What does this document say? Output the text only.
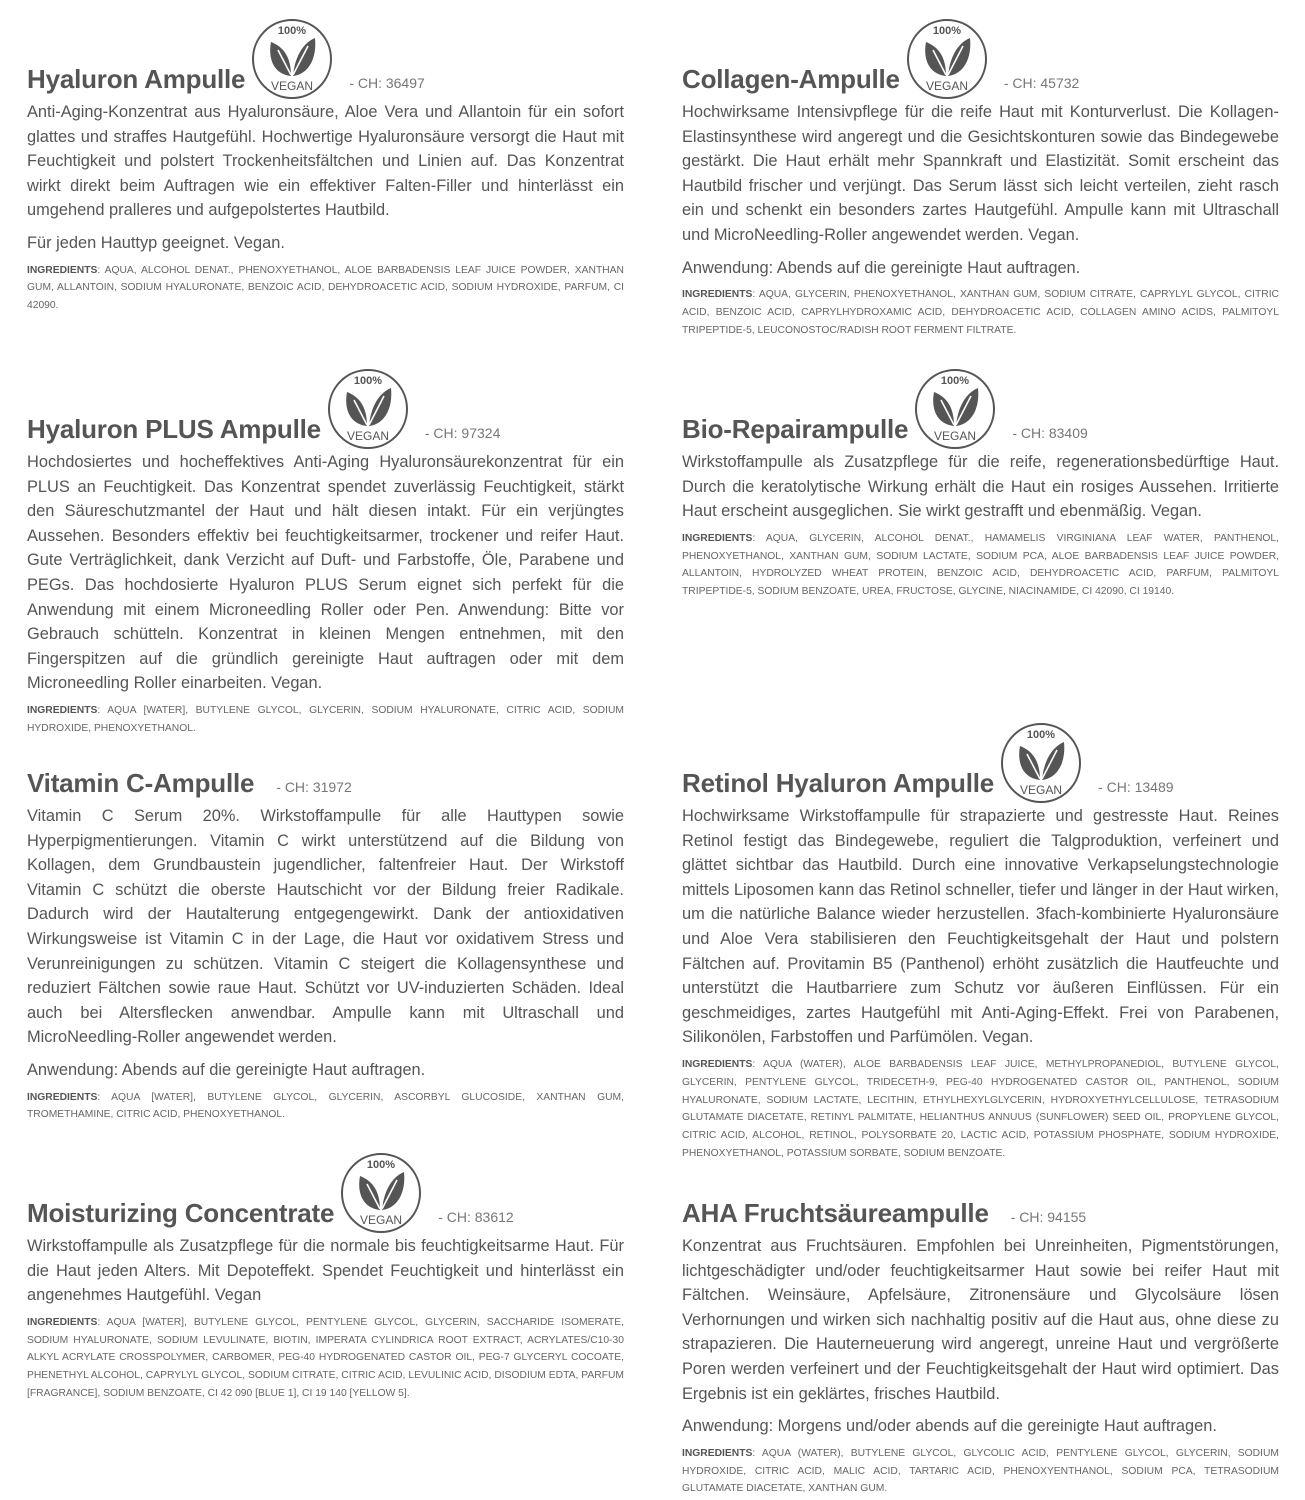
Hyaluron Ampulle
100%
VEGAN	- CH: 36497

Anti-Aging-Konzentrat aus Hyaluronsäure, Aloe Vera und Allantoin für ein sofort glattes und straffes Hautgefühl. Hochwertige Hyaluronsäure versorgt die Haut mit Feuchtigkeit und polstert Trockenheitsfältchen und Linien auf. Das Konzentrat wirkt direkt beim Auftragen wie ein effektiver Falten-Filler und hinterlässt ein umgehend pralleres und aufgepolstertes Hautbild.

Für jeden Hauttyp geeignet. Vegan.

INGREDIENTS: AQUA, ALCOHOL DENAT., PHENOXYETHANOL, ALOE BARBADENSIS LEAF JUICE POWDER, XANTHAN GUM, ALLANTOIN, SODIUM HYALURONATE, BENZOIC ACID, DEHYDROACETIC ACID, SODIUM HYDROXIDE, PARFUM, CI 42090.
Hyaluron PLUS Ampulle
100%
VEGAN	- CH: 97324

Hochdosiertes und hocheffektives Anti-Aging Hyaluronsäurekonzentrat für ein PLUS an Feuchtigkeit. Das Konzentrat spendet zuverlässig Feuchtigkeit, stärkt den Säureschutzmantel der Haut und hält diesen intakt. Für ein verjüngtes Aussehen. Besonders effektiv bei feuchtigkeitsarmer, trockener und reifer Haut. Gute Verträglichkeit, dank Verzicht auf Duft- und Farbstoffe, Öle, Parabene und PEGs. Das hochdosierte Hyaluron PLUS Serum eignet sich perfekt für die Anwendung mit einem Microneedling Roller oder Pen. Anwendung: Bitte vor Gebrauch schütteln. Konzentrat in kleinen Mengen entnehmen, mit den Fingerspitzen auf die gründlich gereinigte Haut auftragen oder mit dem Microneedling Roller einarbeiten. Vegan.

INGREDIENTS: AQUA [WATER], BUTYLENE GLYCOL, GLYCERIN, SODIUM HYALURONATE, CITRIC ACID, SODIUM HYDROXIDE, PHENOXYETHANOL.
Vitamin C-Ampulle - CH: 31972

Vitamin C Serum 20%. Wirkstoffampulle für alle Hauttypen sowie Hyperpigmentierungen. Vitamin C wirkt unterstützend auf die Bildung von Kollagen, dem Grundbaustein jugendlicher, faltenfreier Haut. Der Wirkstoff Vitamin C schützt die oberste Hautschicht vor der Bildung freier Radikale. Dadurch wird der Hautalterung entgegengewirkt. Dank der antioxidativen Wirkungsweise ist Vitamin C in der Lage, die Haut vor oxidativem Stress und Verunreinigungen zu schützen. Vitamin C steigert die Kollagensynthese und reduziert Fältchen sowie raue Haut. Schützt vor UV-induzierten Schäden. Ideal auch bei Altersflecken anwendbar. Ampulle kann mit Ultraschall und MicroNeedling-Roller angewendet werden.

Anwendung: Abends auf die gereinigte Haut auftragen.

INGREDIENTS: AQUA [WATER], BUTYLENE GLYCOL, GLYCERIN, ASCORBYL GLUCOSIDE, XANTHAN GUM, TROMETHAMINE, CITRIC ACID, PHENOXYETHANOL.
Moisturizing Concentrate
100%
VEGAN	- CH: 83612

Wirkstoffampulle als Zusatzpflege für die normale bis feuchtigkeitsarme Haut. Für die Haut jeden Alters. Mit Depoteffekt. Spendet Feuchtigkeit und hinterlässt ein angenehmes Hautgefühl. Vegan

INGREDIENTS: AQUA [WATER], BUTYLENE GLYCOL, PENTYLENE GLYCOL, GLYCERIN, SACCHARIDE ISOMERATE, SODIUM HYALURONATE, SODIUM LEVULINATE, BIOTIN, IMPERATA CYLINDRICA ROOT EXTRACT, ACRYLATES/C10-30 ALKYL ACRYLATE CROSSPOLYMER, CARBOMER, PEG-40 HYDROGENATED CASTOR OIL, PEG-7 GLYCERYL COCOATE, PHENETHYL ALCOHOL, CAPRYLYL GLYCOL, SODIUM CITRATE, CITRIC ACID, LEVULINIC ACID, DISODIUM EDTA, PARFUM [FRAGRANCE], SODIUM BENZOATE, CI 42 090 [BLUE 1], CI 19 140 [YELLOW 5].
Collagen-Ampulle
100%
VEGAN	- CH: 45732

Hochwirksame Intensivpflege für die reife Haut mit Konturverlust. Die Kollagen-Elastinsynthese wird angeregt und die Gesichtskonturen sowie das Bindegewebe gestärkt. Die Haut erhält mehr Spannkraft und Elastizität. Somit erscheint das Hautbild frischer und verjüngt. Das Serum lässt sich leicht verteilen, zieht rasch ein und schenkt ein besonders zartes Hautgefühl. Ampulle kann mit Ultraschall und MicroNeedling-Roller angewendet werden. Vegan.

Anwendung: Abends auf die gereinigte Haut auftragen.

INGREDIENTS: AQUA, GLYCERIN, PHENOXYETHANOL, XANTHAN GUM, SODIUM CITRATE, CAPRYLYL GLYCOL, CITRIC ACID, BENZOIC ACID, CAPRYLHYDROXAMIC ACID, DEHYDROACETIC ACID, COLLAGEN AMINO ACIDS, PALMITOYL TRIPEPTIDE-5, LEUCONOSTOC/RADISH ROOT FERMENT FILTRATE.
Bio-Repairampulle
100%
VEGAN	- CH: 83409

Wirkstoffampulle als Zusatzpflege für die reife, regenerationsbedürftige Haut. Durch die keratolytische Wirkung erhält die Haut ein rosiges Aussehen. Irritierte Haut erscheint ausgeglichen. Sie wirkt gestrafft und ebenmäßig. Vegan.

INGREDIENTS: AQUA, GLYCERIN, ALCOHOL DENAT., HAMAMELIS VIRGINIANA LEAF WATER, PANTHENOL, PHENOXYETHANOL, XANTHAN GUM, SODIUM LACTATE, SODIUM PCA, ALOE BARBADENSIS LEAF JUICE POWDER, ALLANTOIN, HYDROLYZED WHEAT PROTEIN, BENZOIC ACID, DEHYDROACETIC ACID, PARFUM, PALMITOYL TRIPEPTIDE-5, SODIUM BENZOATE, UREA, FRUCTOSE, GLYCINE, NIACINAMIDE, CI 42090, CI 19140.
Retinol Hyaluron Ampulle
100%
VEGAN	- CH: 13489

Hochwirksame Wirkstoffampulle für strapazierte und gestresste Haut. Reines Retinol festigt das Bindegewebe, reguliert die Talgproduktion, verfeinert und glättet sichtbar das Hautbild. Durch eine innovative Verkapselungstechnologie mittels Liposomen kann das Retinol schneller, tiefer und länger in der Haut wirken, um die natürliche Balance wieder herzustellen. 3fach-kombinierte Hyaluronsäure und Aloe Vera stabilisieren den Feuchtigkeitsgehalt der Haut und polstern Fältchen auf. Provitamin B5 (Panthenol) erhöht zusätzlich die Hautfeuchte und unterstützt die Hautbarriere zum Schutz vor äußeren Einflüssen. Für ein geschmeidiges, zartes Hautgefühl mit Anti-Aging-Effekt. Frei von Parabenen, Silikonölen, Farbstoffen und Parfümölen. Vegan.

INGREDIENTS: AQUA (WATER), ALOE BARBADENSIS LEAF JUICE, METHYLPROPANEDIOL, BUTYLENE GLYCOL, GLYCERIN, PENTYLENE GLYCOL, TRIDECETH-9, PEG-40 HYDROGENATED CASTOR OIL, PANTHENOL, SODIUM HYALURONATE, SODIUM LACTATE, LECITHIN, ETHYLHEXYLGLYCERIN, HYDROXYETHYLCELLULOSE, TETRASODIUM GLUTAMATE DIACETATE, RETINYL PALMITATE, HELIANTHUS ANNUUS (SUNFLOWER) SEED OIL, PROPYLENE GLYCOL, CITRIC ACID, ALCOHOL, RETINOL, POLYSORBATE 20, LACTIC ACID, POTASSIUM PHOSPHATE, SODIUM HYDROXIDE, PHENOXYETHANOL, POTASSIUM SORBATE, SODIUM BENZOATE.
AHA Fruchtsäureampulle - CH: 94155

Konzentrat aus Fruchtsäuren. Empfohlen bei Unreinheiten, Pigmentstörungen, lichtgeschädigter und/oder feuchtigkeitsarmer Haut sowie bei reifer Haut mit Fältchen. Weinsäure, Apfelsäure, Zitronensäure und Glycolsäure lösen Verhornungen und wirken sich nachhaltig positiv auf die Haut aus, ohne diese zu strapazieren. Die Hauterneuerung wird angeregt, unreine Haut und vergrößerte Poren werden verfeinert und der Feuchtigkeitsgehalt der Haut wird optimiert. Das Ergebnis ist ein geklärtes, frisches Hautbild.

Anwendung: Morgens und/oder abends auf die gereinigte Haut auftragen.

INGREDIENTS: AQUA (WATER), BUTYLENE GLYCOL, GLYCOLIC ACID, PENTYLENE GLYCOL, GLYCERIN, SODIUM HYDROXIDE, CITRIC ACID, MALIC ACID, TARTARIC ACID, PHENOXYENTHANOL, SODIUM PCA, TETRASODIUM GLUTAMATE DIACETATE, XANTHAN GUM.
